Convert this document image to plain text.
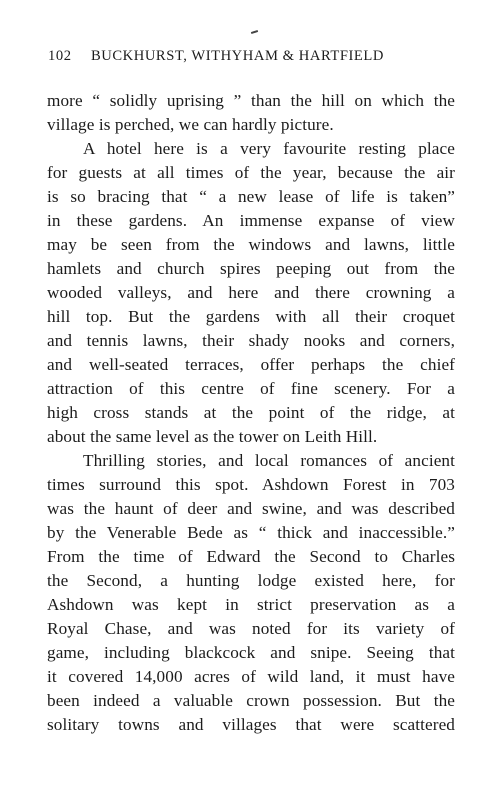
102 BUCKHURST, WITHYHAM & HARTFIELD
more “ solidly uprising ” than the hill on which the
village is perched, we can hardly picture.
A hotel here is a very favourite resting place
for guests at all times of the year, because the air
is so bracing that “ a new lease of life is taken”
in these gardens. An immense expanse of view
may be seen from the windows and lawns, little
hamlets and church spires peeping out from the
wooded valleys, and here and there crowning a
hill top. But the gardens with all their croquet
and tennis lawns, their shady nooks and corners,
and well-seated terraces, offer perhaps the chief
attraction of this centre of fine scenery. For a
high cross stands at the point of the ridge, at
about the same level as the tower on Leith Hill.
Thrilling stories, and local romances of ancient
times surround this spot. Ashdown Forest in 703
was the haunt of deer and swine, and was described
by the Venerable Bede as “ thick and inaccessible.”
From the time of Edward the Second to Charles
the Second, a hunting lodge existed here, for
Ashdown was kept in strict preservation as a
Royal Chase, and was noted for its variety of
game, including blackcock and snipe. Seeing that
it covered 14,000 acres of wild land, it must have
been indeed a valuable crown possession. But the
solitary towns and villages that were scattered
